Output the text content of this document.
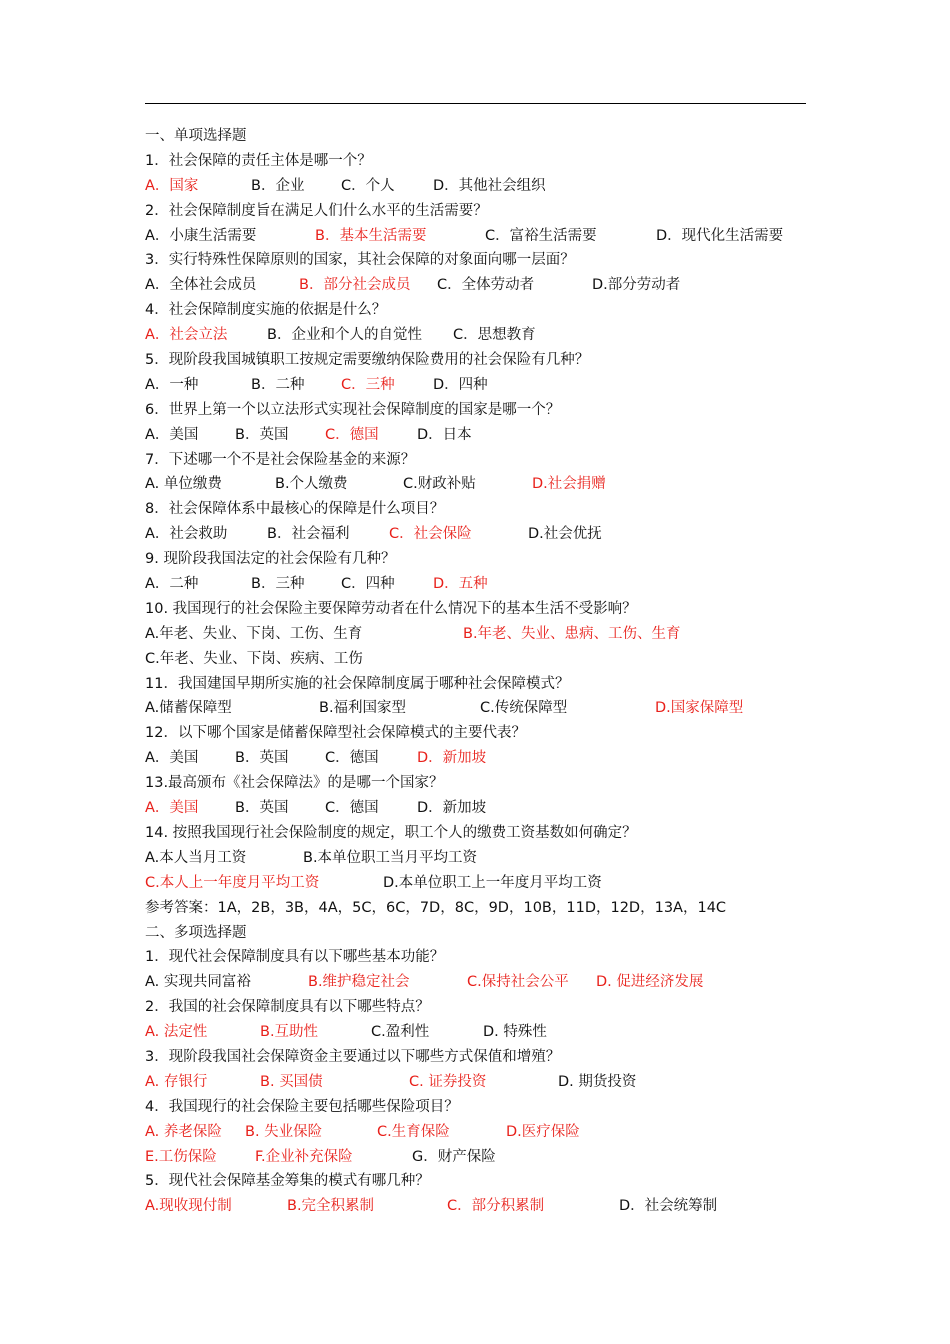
一、单项选择题
1．社会保障的责任主体是哪一个？
A．国家	B．企业	C．个人	D．其他社会组织
2．社会保障制度旨在满足人们什么水平的生活需要？
A．小康生活需要	B．基本生活需要	C．富裕生活需要	D．现代化生活需要
3．实行特殊性保障原则的国家，其社会保障的对象面向哪一层面？
A．全体社会成员	B．部分社会成员 C．全体劳动者	D.部分劳动者
4．社会保障制度实施的依据是什么？
A．社会立法	B．企业和个人的自觉性 C．思想教育
5．现阶段我国城镇职工按规定需要缴纳保险费用的社会保险有几种？
A．一种	B．二种	C．三种	D．四种
6．世界上第一个以立法形式实现社会保障制度的国家是哪一个？
A．美国	B．英国	C．德国	D．日本
7．下述哪一个不是社会保险基金的来源？
A. 单位缴费	B.个人缴费	C.财政补贴	D.社会捐赠
8．社会保障体系中最核心的保障是什么项目？
A．社会救助	B．社会福利	C．社会保险	D.社会优抚
9. 现阶段我国法定的社会保险有几种？
A．二种	B．三种	C．四种	D．五种
10. 我国现行的社会保险主要保障劳动者在什么情况下的基本生活不受影响？
A.年老、失业、下岗、工伤、生育	B.年老、失业、患病、工伤、生育
C.年老、失业、下岗、疾病、工伤
11．我国建国早期所实施的社会保障制度属于哪种社会保障模式？
A.储蓄保障型	B.福利国家型	C.传统保障型	D.国家保障型
12．以下哪个国家是储蓄保障型社会保障模式的主要代表？
A．美国	B．英国	C．德国	D．新加坡
13.最高颁布《社会保障法》的是哪一个国家？
A．美国	B．英国	C．德国	D．新加坡
14. 按照我国现行社会保险制度的规定，职工个人的缴费工资基数如何确定？
A.本人当月工资	B.本单位职工当月平均工资
C.本人上一年度月平均工资	D.本单位职工上一年度月平均工资
参考答案：1A，2B，3B，4A，5C，6C，7D，8C，9D，10B，11D，12D，13A，14C
二、多项选择题
1．现代社会保障制度具有以下哪些基本功能？
A. 实现共同富裕	B.维护稳定社会	C.保持社会公平 D. 促进经济发展
2．我国的社会保障制度具有以下哪些特点？
A. 法定性	B.互助性	C.盈利性	D. 特殊性
3．现阶段我国社会保障资金主要通过以下哪些方式保值和增殖？
A. 存银行	B. 买国债	C. 证券投资	D. 期货投资
4．我国现行的社会保险主要包括哪些保险项目？
A. 养老保险 B. 失业保险	C.生育保险	D.医疗保险
E.工伤保险	F.企业补充保险	G．财产保险
5．现代社会保障基金筹集的模式有哪几种？
A.现收现付制	B.完全积累制	C．部分积累制	D．社会统筹制
